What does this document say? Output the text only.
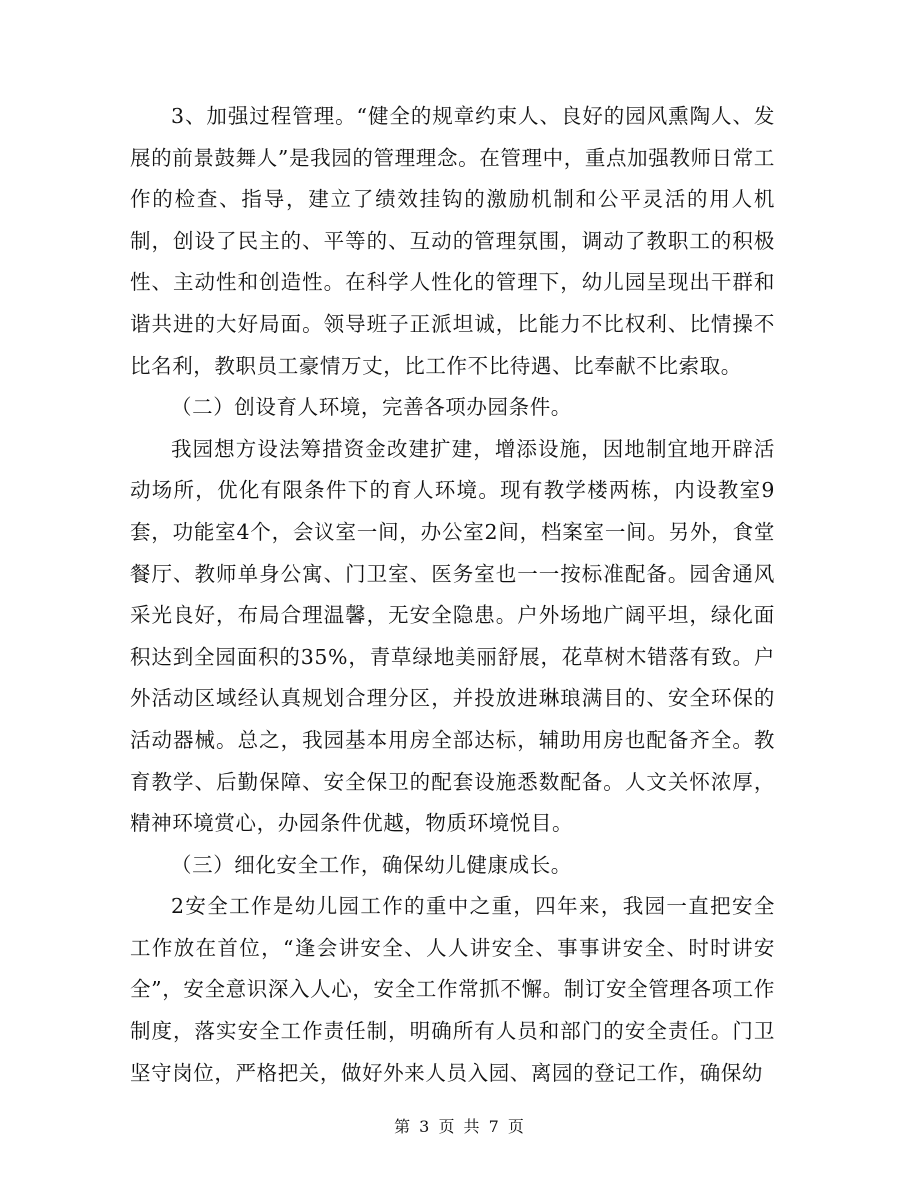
3、加强过程管理。“健全的规章约束人、良好的园风熏陶人、发展的前景鼓舞人”是我园的管理理念。在管理中，重点加强教师日常工作的检查、指导，建立了绩效挂钩的激励机制和公平灵活的用人机制，创设了民主的、平等的、互动的管理氛围，调动了教职工的积极性、主动性和创造性。在科学人性化的管理下，幼儿园呈现出干群和谐共进的大好局面。领导班子正派坦诚，比能力不比权利、比情操不比名利，教职员工豪情万丈，比工作不比待遇、比奉献不比索取。

（二）创设育人环境，完善各项办园条件。

我园想方设法筹措资金改建扩建，增添设施，因地制宜地开辟活动场所，优化有限条件下的育人环境。现有教学楼两栋，内设教室9套，功能室4个，会议室一间，办公室2间，档案室一间。另外，食堂餐厅、教师单身公寓、门卫室、医务室也一一按标准配备。园舍通风采光良好，布局合理温馨，无安全隐患。户外场地广阔平坦，绿化面积达到全园面积的35%，青草绿地美丽舒展，花草树木错落有致。户外活动区域经认真规划合理分区，并投放进琳琅满目的、安全环保的活动器械。总之，我园基本用房全部达标，辅助用房也配备齐全。教育教学、后勤保障、安全保卫的配套设施悉数配备。人文关怀浓厚，精神环境赏心，办园条件优越，物质环境悦目。

（三）细化安全工作，确保幼儿健康成长。

2安全工作是幼儿园工作的重中之重，四年来，我园一直把安全工作放在首位，“逢会讲安全、人人讲安全、事事讲安全、时时讲安全”，安全意识深入人心，安全工作常抓不懈。制订安全管理各项工作制度，落实安全工作责任制，明确所有人员和部门的安全责任。门卫坚守岗位，严格把关，做好外来人员入园、离园的登记工作，确保幼

第 3 页 共 7 页
